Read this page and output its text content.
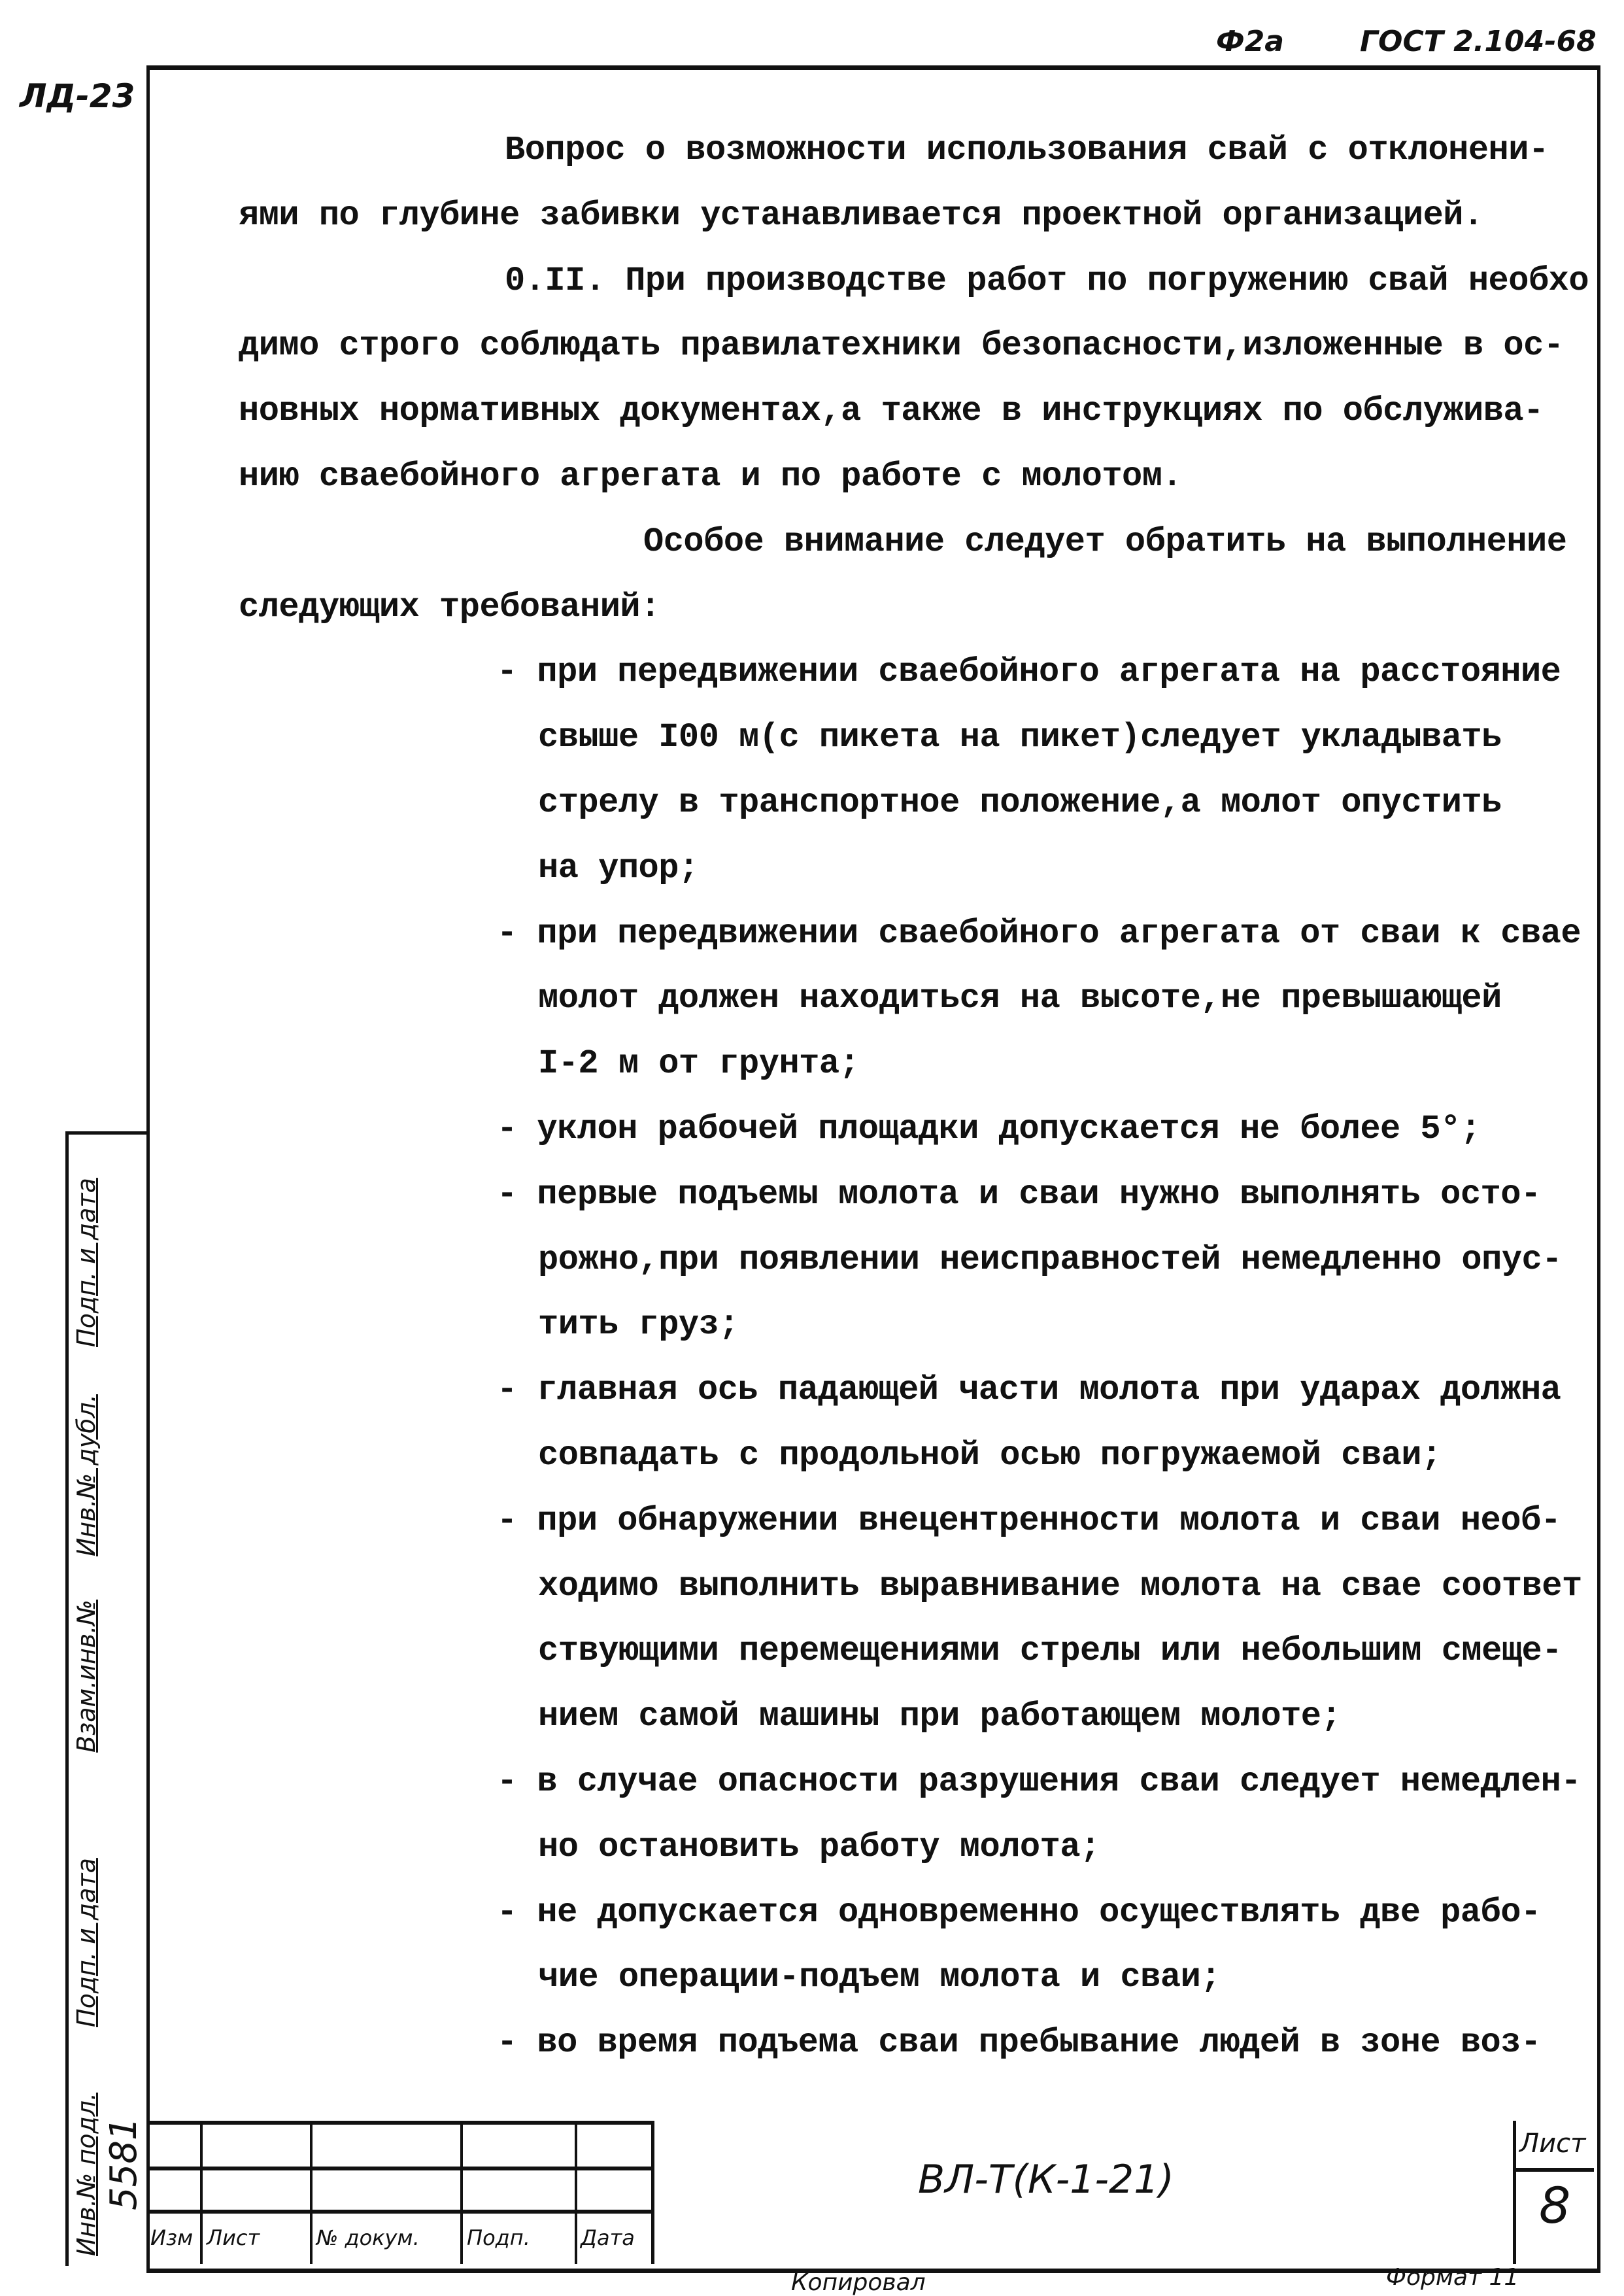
Ф2а	ГОСТ 2.104-68
ЛД-23
Вопрос о возможности использования свай с отклонени-
ями по глубине забивки устанавливается проектной организацией.
0.II. При производстве работ по погружению свай необхо
димо строго соблюдать правилатехники безопасности,изложенные в ос-
новных нормативных документах,а также в инструкциях по обслужива-
нию сваебойного агрегата и по работе с молотом.
Особое внимание следует обратить на выполнение
следующих требований:
- при передвижении сваебойного агрегата на расстояние
свыше I00 м(с пикета на пикет)следует укладывать
стрелу в транспортное положение,а молот опустить
на упор;
- при передвижении сваебойного агрегата от сваи к свае
молот должен находиться на высоте,не превышающей
I-2 м от грунта;
- уклон рабочей площадки допускается не более 5°;
- первые подъемы молота и сваи нужно выполнять осто-
рожно,при появлении неисправностей немедленно опус-
тить груз;
- главная ось падающей части молота при ударах должна
совпадать с продольной осью погружаемой сваи;
- при обнаружении внецентренности молота и сваи необ-
ходимо выполнить выравнивание молота на свае соответ
ствующими перемещениями стрелы или небольшим смеще-
нием самой машины при работающем молоте;
- в случае опасности разрушения сваи следует немедлен-
но остановить работу молота;
- не допускается одновременно осуществлять две рабо-
чие операции-подъем молота и сваи;
- во время подъема сваи пребывание людей в зоне воз-
Подп. и дата
Инв.№ дубл.
Взам.инв.№
Подп. и дата
Инв.№ подл. 5581
Изм Лист	№ докум. Подп. Дата
ВЛ-Т(К-1-21)
Лист
8
Копировал	Формат 11
